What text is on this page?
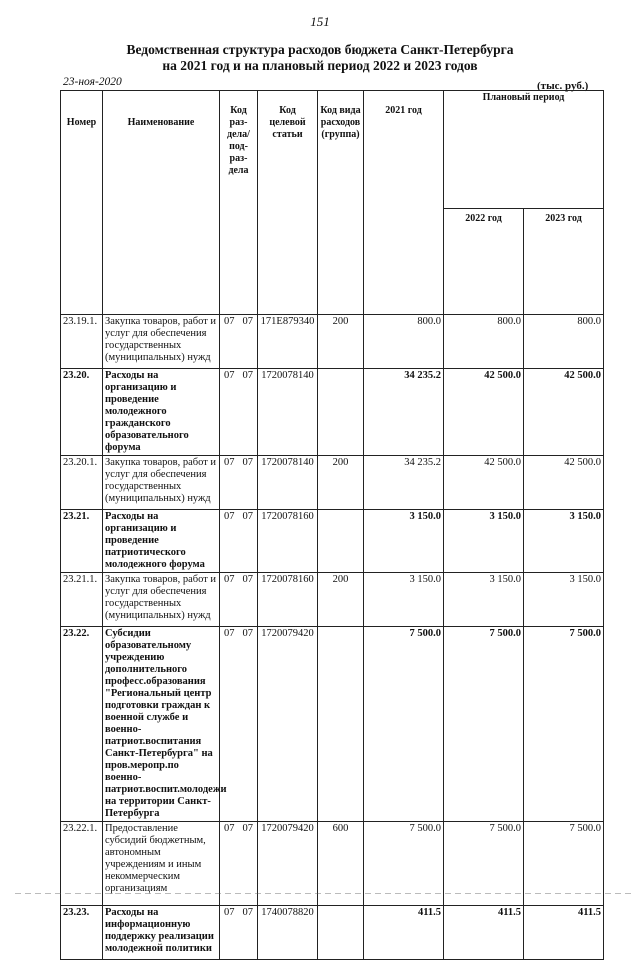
151
Ведомственная структура расходов бюджета Санкт-Петербурга
на 2021 год и на плановый период 2022 и 2023 годов
23-ноя-2020	(тыс. руб.)
Номер	Наименование	Код раз-дела/ под-раз-дела	Код целевой статьи	Код вида расходов (группа)	2021 год	Плановый период	
						2022 год	2023 год
23.19.1.	Закупка товаров, работ и услуг для обеспечения государственных (муниципальных) нужд	07 07	171E879340	200	800.0	800.0	800.0
23.20.	Расходы на организацию и проведение молодежного гражданского образовательного форума	07 07	1720078140		34 235.2	42 500.0	42 500.0
23.20.1.	Закупка товаров, работ и услуг для обеспечения государственных (муниципальных) нужд	07 07	1720078140	200	34 235.2	42 500.0	42 500.0
23.21.	Расходы на организацию и проведение патриотического молодежного форума	07 07	1720078160		3 150.0	3 150.0	3 150.0
23.21.1.	Закупка товаров, работ и услуг для обеспечения государственных (муниципальных) нужд	07 07	1720078160	200	3 150.0	3 150.0	3 150.0
23.22.	Субсидии образовательному учреждению дополнительного професс.образования "Региональный центр подготовки граждан к военной службе и военно-патриот.воспитания Санкт-Петербурга" на пров.меропр.по военно-патриот.воспит.молодежи на территории Санкт-Петербурга	07 07	1720079420		7 500.0	7 500.0	7 500.0
23.22.1.	Предоставление субсидий бюджетным, автономным учреждениям и иным некоммерческим организациям	07 07	1720079420	600	7 500.0	7 500.0	7 500.0
23.23.	Расходы на информационную поддержку реализации молодежной политики	07 07	1740078820		411.5	411.5	411.5
